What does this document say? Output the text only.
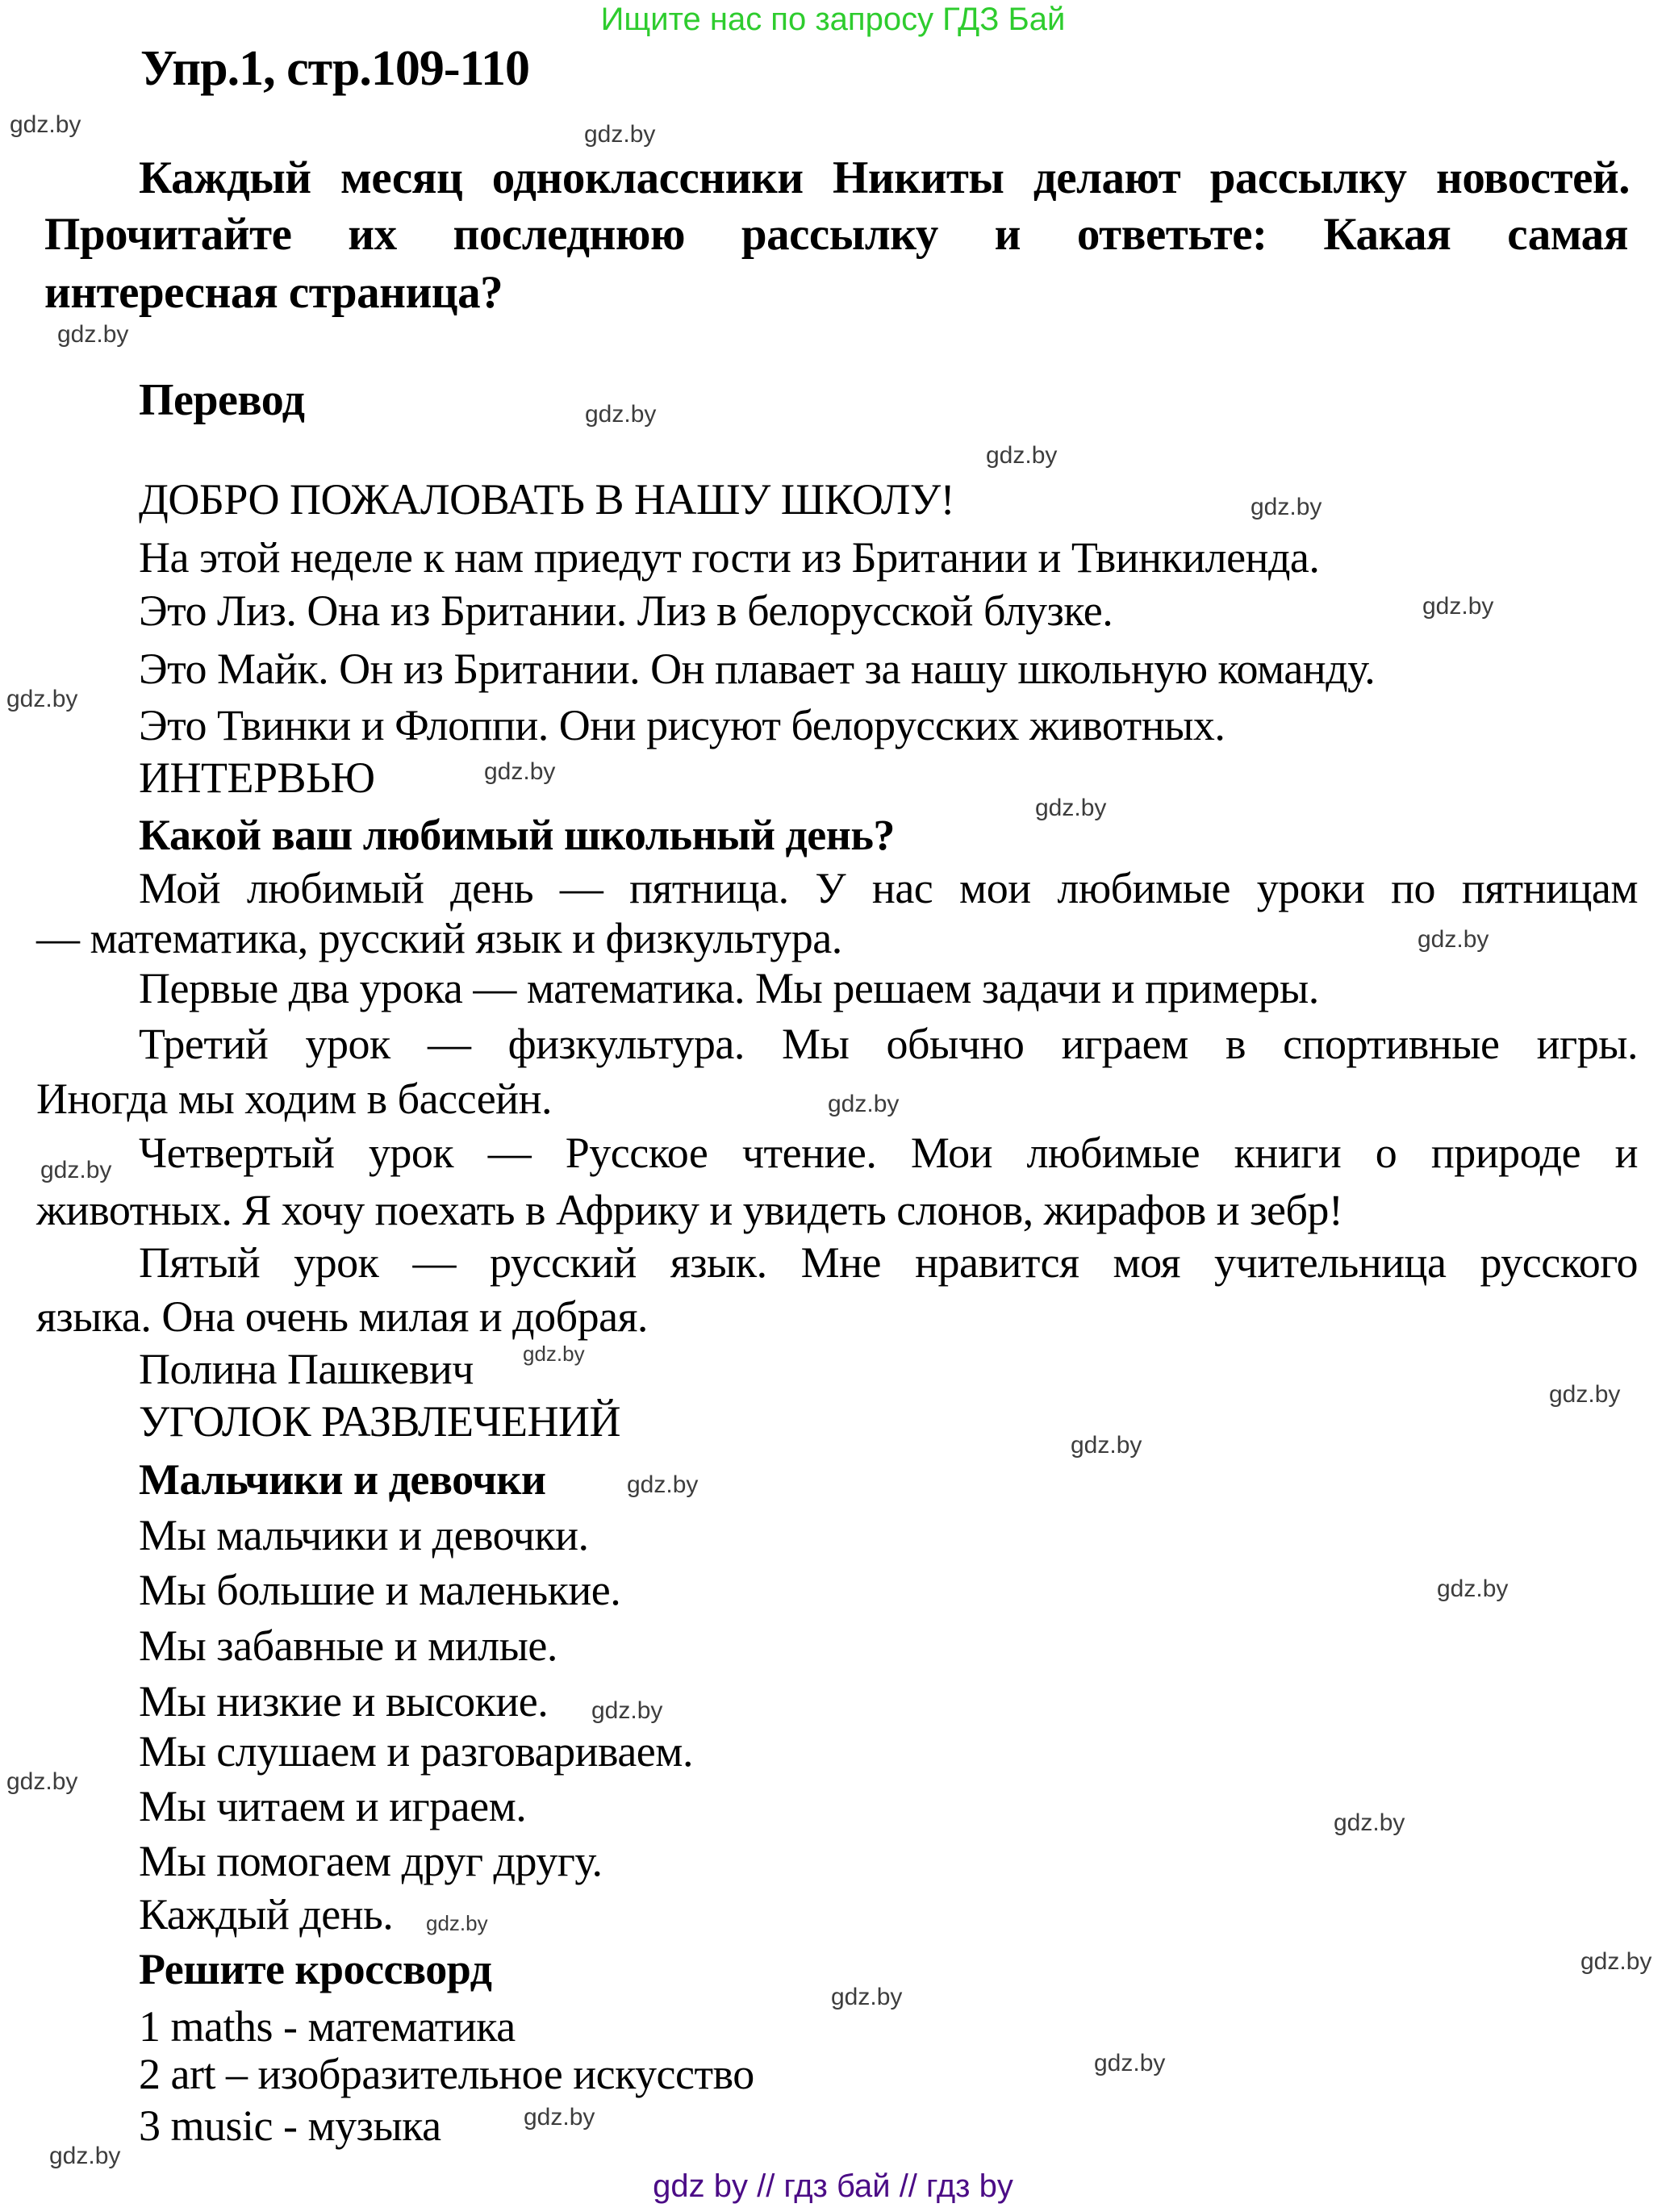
Ищите нас по запросу ГДЗ Бай
Упр.1, стр.109-110
Каждый месяц одноклассники Никиты делают рассылку новостей.
Прочитайте их последнюю рассылку и ответьте: Какая самая
интересная страница?
Перевод
ДОБРО ПОЖАЛОВАТЬ В НАШУ ШКОЛУ!
На этой неделе к нам приедут гости из Британии и Твинкиленда.
Это Лиз. Она из Британии. Лиз в белорусской блузке.
Это Майк. Он из Британии. Он плавает за нашу школьную команду.
Это Твинки и Флоппи. Они рисуют белорусских животных.
ИНТЕРВЬЮ
Какой ваш любимый школьный день?
Мой любимый день — пятница. У нас мои любимые уроки по пятницам
— математика, русский язык и физкультура.
Первые два урока — математика. Мы решаем задачи и примеры.
Третий урок — физкультура. Мы обычно играем в спортивные игры.
Иногда мы ходим в бассейн.
Четвертый урок — Русское чтение. Мои любимые книги о природе и
животных. Я хочу поехать в Африку и увидеть слонов, жирафов и зебр!
Пятый урок — русский язык. Мне нравится моя учительница русского
языка. Она очень милая и добрая.
Полина Пашкевич
УГОЛОК РАЗВЛЕЧЕНИЙ
Мальчики и девочки
Мы мальчики и девочки.
Мы большие и маленькие.
Мы забавные и милые.
Мы низкие и высокие.
Мы слушаем и разговариваем.
Мы читаем и играем.
Мы помогаем друг другу.
Каждый день.
Решите кроссворд
1 maths - математика
2 art – изобразительное искусство
3 music - музыка
gdz.by
gdz.by
gdz.by
gdz.by
gdz.by
gdz.by
gdz.by
gdz.by
gdz.by
gdz.by
gdz.by
gdz.by
gdz.by
gdz.by
gdz.by
gdz.by
gdz.by
gdz.by
gdz.by
gdz.by
gdz.by
gdz.by
gdz.by
gdz.by
gdz.by
gdz.by
gdz.by
gdz by // гдз бай // гдз by
